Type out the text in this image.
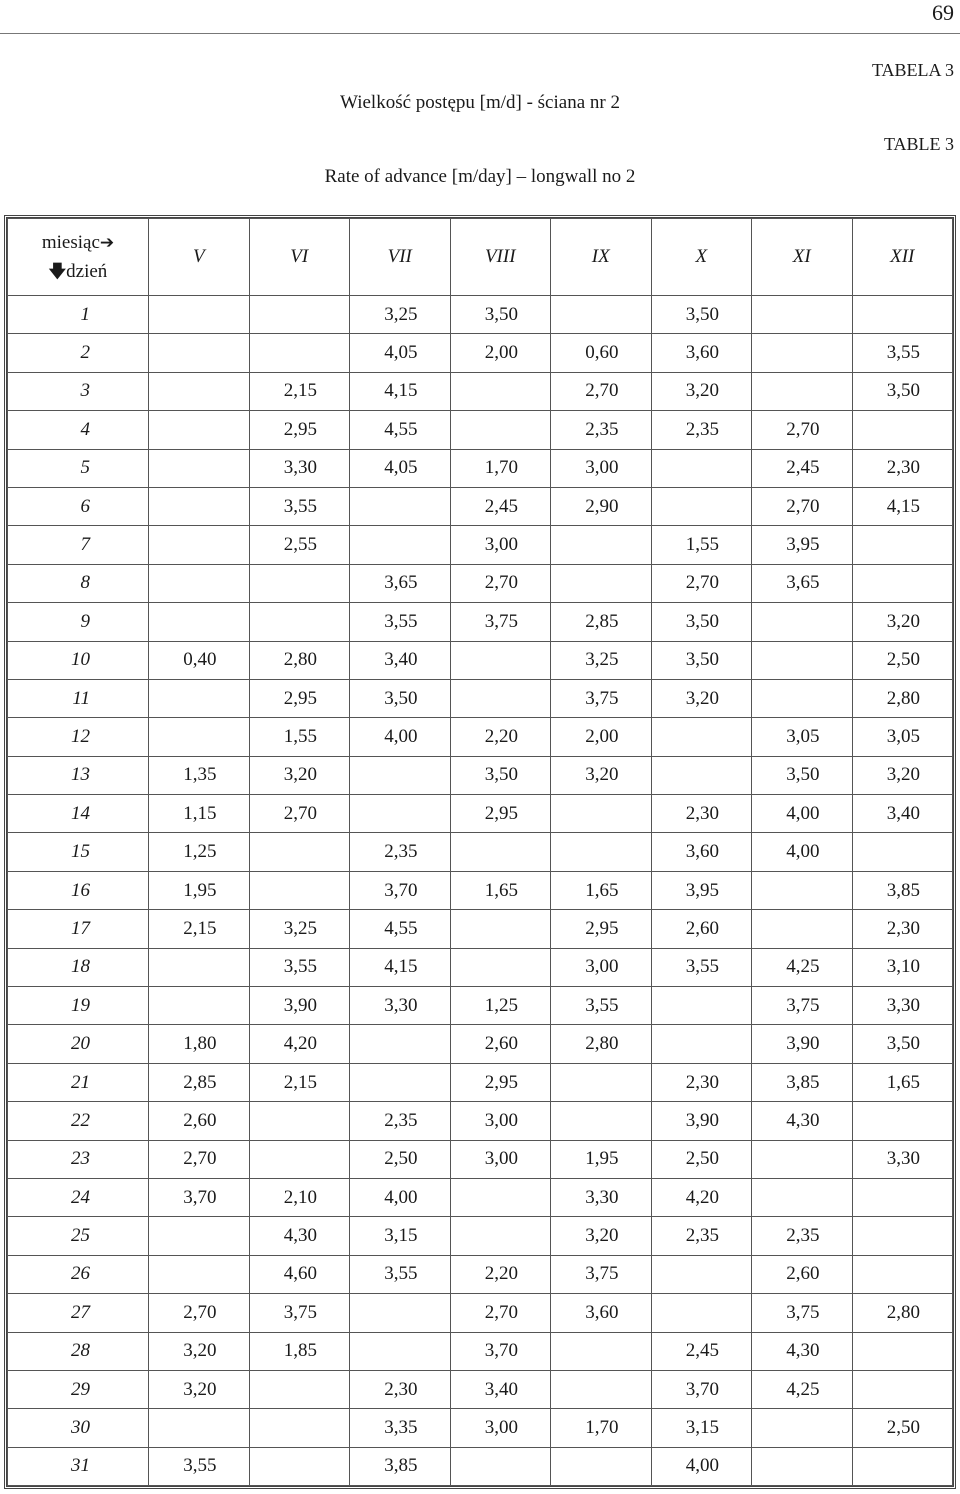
69
TABELA 3
Wielkość postępu [m/d] - ściana nr 2
TABLE 3
Rate of advance [m/day] – longwall no 2
miesiąc➔
🡇dzień	V	VI	VII	VIII	IX	X	XI	XII
1			3,25	3,50		3,50		
2			4,05	2,00	0,60	3,60		3,55
3		2,15	4,15		2,70	3,20		3,50
4		2,95	4,55		2,35	2,35	2,70	
5		3,30	4,05	1,70	3,00		2,45	2,30
6		3,55		2,45	2,90		2,70	4,15
7		2,55		3,00		1,55	3,95	
8			3,65	2,70		2,70	3,65	
9			3,55	3,75	2,85	3,50		3,20
10	0,40	2,80	3,40		3,25	3,50		2,50
11		2,95	3,50		3,75	3,20		2,80
12		1,55	4,00	2,20	2,00		3,05	3,05
13	1,35	3,20		3,50	3,20		3,50	3,20
14	1,15	2,70		2,95		2,30	4,00	3,40
15	1,25		2,35			3,60	4,00	
16	1,95		3,70	1,65	1,65	3,95		3,85
17	2,15	3,25	4,55		2,95	2,60		2,30
18		3,55	4,15		3,00	3,55	4,25	3,10
19		3,90	3,30	1,25	3,55		3,75	3,30
20	1,80	4,20		2,60	2,80		3,90	3,50
21	2,85	2,15		2,95		2,30	3,85	1,65
22	2,60		2,35	3,00		3,90	4,30	
23	2,70		2,50	3,00	1,95	2,50		3,30
24	3,70	2,10	4,00		3,30	4,20		
25		4,30	3,15		3,20	2,35	2,35	
26		4,60	3,55	2,20	3,75		2,60	
27	2,70	3,75		2,70	3,60		3,75	2,80
28	3,20	1,85		3,70		2,45	4,30	
29	3,20		2,30	3,40		3,70	4,25	
30			3,35	3,00	1,70	3,15		2,50
31	3,55		3,85			4,00		
